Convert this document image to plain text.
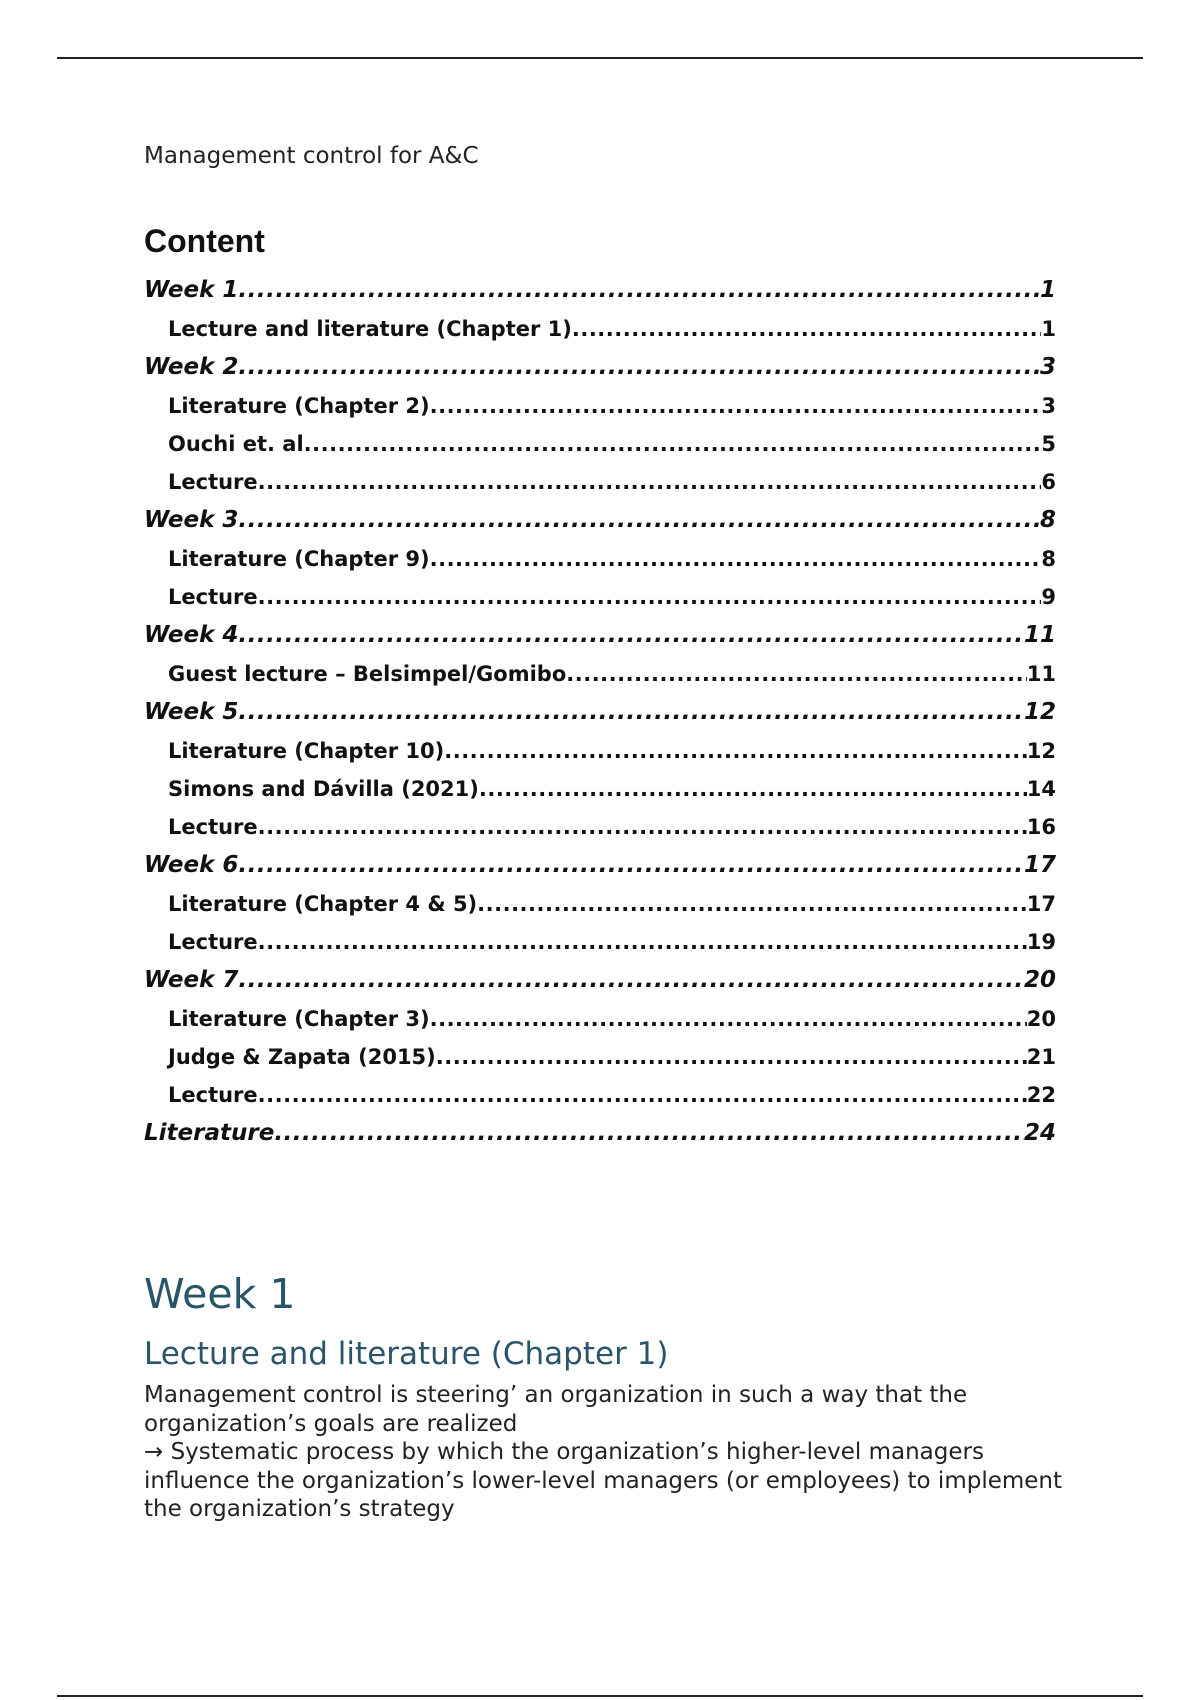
Management control for A&C
Content
Week 1 .....	1
Lecture and literature (Chapter 1) .....	1
Week 2 .....	3
Literature (Chapter 2) .....	3
Ouchi et. al .....	5
Lecture .....	6
Week 3 .....	8
Literature (Chapter 9) .....	8
Lecture .....	9
Week 4 .....	11
Guest lecture – Belsimpel/Gomibo .....	11
Week 5 .....	12
Literature (Chapter 10) .....	12
Simons and Dávilla (2021) .....	14
Lecture .....	16
Week 6 .....	17
Literature (Chapter 4 & 5) .....	17
Lecture .....	19
Week 7 .....	20
Literature (Chapter 3) .....	20
Judge & Zapata (2015) .....	21
Lecture .....	22
Literature .....	24
Week 1
Lecture and literature (Chapter 1)

Management control is steering’ an organization in such a way that the organization’s goals are realized

→ Systematic process by which the organization’s higher-level managers influence the organization’s lower-level managers (or employees) to implement the organization’s strategy
